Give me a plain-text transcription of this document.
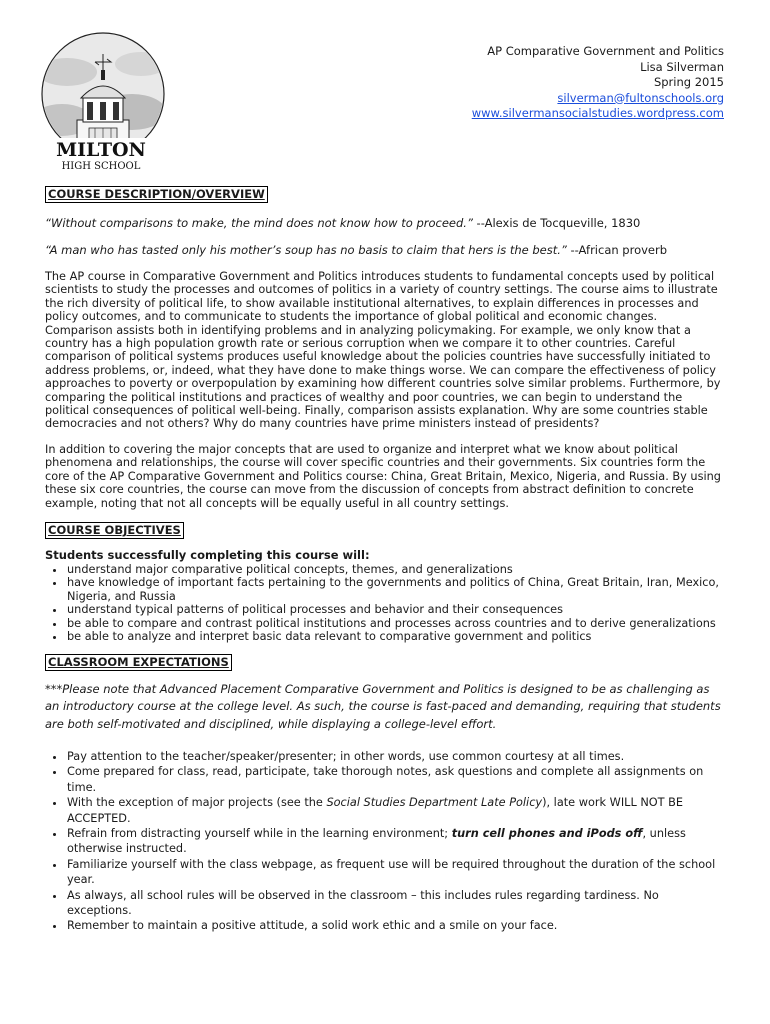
MILTON
HIGH SCHOOL
AP Comparative Government and Politics
Lisa Silverman
Spring 2015
silverman@fultonschools.org
www.silvermansocialstudies.wordpress.com
COURSE DESCRIPTION/OVERVIEW

“Without comparisons to make, the mind does not know how to proceed.” --Alexis de Tocqueville, 1830

“A man who has tasted only his mother’s soup has no basis to claim that hers is the best.” --African proverb

The AP course in Comparative Government and Politics introduces students to fundamental concepts used by political scientists to study the processes and outcomes of politics in a variety of country settings. The course aims to illustrate the rich diversity of political life, to show available institutional alternatives, to explain differences in processes and policy outcomes, and to communicate to students the importance of global political and economic changes. Comparison assists both in identifying problems and in analyzing policymaking. For example, we only know that a country has a high population growth rate or serious corruption when we compare it to other countries. Careful comparison of political systems produces useful knowledge about the policies countries have successfully initiated to address problems, or, indeed, what they have done to make things worse. We can compare the effectiveness of policy approaches to poverty or overpopulation by examining how different countries solve similar problems. Furthermore, by comparing the political institutions and practices of wealthy and poor countries, we can begin to understand the political consequences of political well-being. Finally, comparison assists explanation. Why are some countries stable democracies and not others? Why do many countries have prime ministers instead of presidents?

In addition to covering the major concepts that are used to organize and interpret what we know about political phenomena and relationships, the course will cover specific countries and their governments. Six countries form the core of the AP Comparative Government and Politics course: China, Great Britain, Mexico, Nigeria, and Russia. By using these six core countries, the course can move from the discussion of concepts from abstract definition to concrete example, noting that not all concepts will be equally useful in all country settings.

COURSE OBJECTIVES

Students successfully completing this course will:

• understand major comparative political concepts, themes, and generalizations
• have knowledge of important facts pertaining to the governments and politics of China, Great Britain, Iran, Mexico, Nigeria, and Russia
• understand typical patterns of political processes and behavior and their consequences
• be able to compare and contrast political institutions and processes across countries and to derive generalizations
• be able to analyze and interpret basic data relevant to comparative government and politics
CLASSROOM EXPECTATIONS

***Please note that Advanced Placement Comparative Government and Politics is designed to be as challenging as an introductory course at the college level. As such, the course is fast-paced and demanding, requiring that students are both self-motivated and disciplined, while displaying a college-level effort.

• Pay attention to the teacher/speaker/presenter; in other words, use common courtesy at all times.
• Come prepared for class, read, participate, take thorough notes, ask questions and complete all assignments on time.
• With the exception of major projects (see the Social Studies Department Late Policy), late work WILL NOT BE ACCEPTED.
• Refrain from distracting yourself while in the learning environment; turn cell phones and iPods off, unless otherwise instructed.
• Familiarize yourself with the class webpage, as frequent use will be required throughout the duration of the school year.
• As always, all school rules will be observed in the classroom – this includes rules regarding tardiness. No exceptions.
• Remember to maintain a positive attitude, a solid work ethic and a smile on your face.
